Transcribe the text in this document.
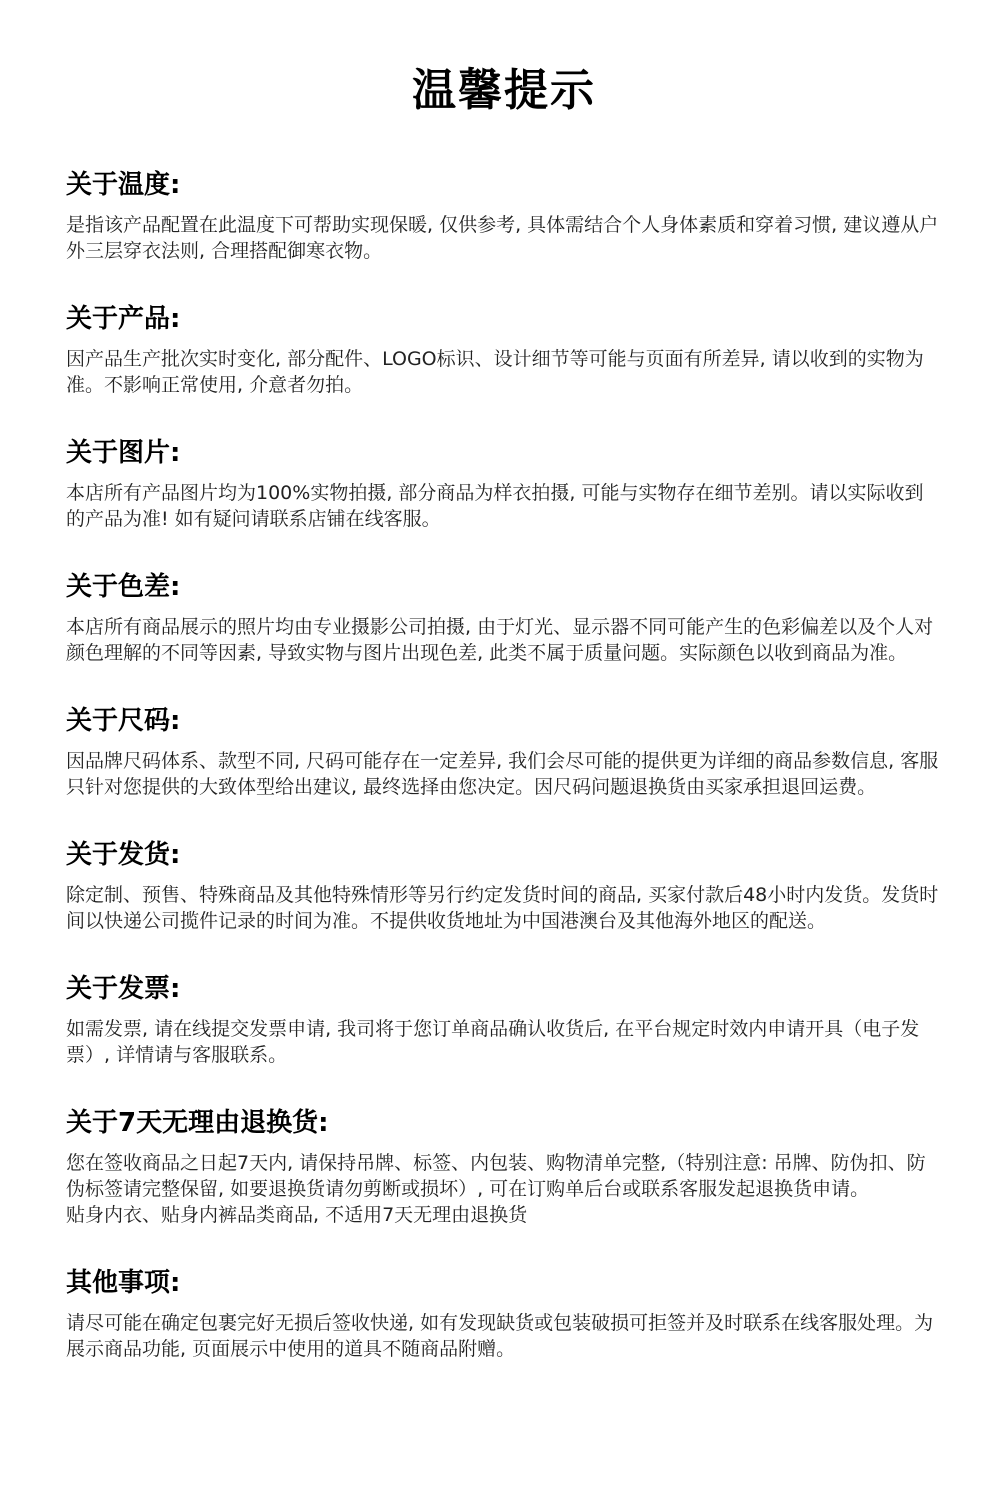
温馨提示
关于温度:

是指该产品配置在此温度下可帮助实现保暖, 仅供参考, 具体需结合个人身体素质和穿着习惯, 建议遵从户外三层穿衣法则, 合理搭配御寒衣物。

关于产品:

因产品生产批次实时变化, 部分配件、LOGO标识、设计细节等可能与页面有所差异, 请以收到的实物为准。不影响正常使用, 介意者勿拍。

关于图片:

本店所有产品图片均为100%实物拍摄, 部分商品为样衣拍摄, 可能与实物存在细节差别。请以实际收到的产品为准! 如有疑问请联系店铺在线客服。

关于色差:

本店所有商品展示的照片均由专业摄影公司拍摄, 由于灯光、显示器不同可能产生的色彩偏差以及个人对颜色理解的不同等因素, 导致实物与图片出现色差, 此类不属于质量问题。实际颜色以收到商品为准。

关于尺码:

因品牌尺码体系、款型不同, 尺码可能存在一定差异, 我们会尽可能的提供更为详细的商品参数信息, 客服只针对您提供的大致体型给出建议, 最终选择由您决定。因尺码问题退换货由买家承担退回运费。

关于发货:

除定制、预售、特殊商品及其他特殊情形等另行约定发货时间的商品, 买家付款后48小时内发货。发货时间以快递公司揽件记录的时间为准。不提供收货地址为中国港澳台及其他海外地区的配送。

关于发票:

如需发票, 请在线提交发票申请, 我司将于您订单商品确认收货后, 在平台规定时效内申请开具（电子发票）, 详情请与客服联系。

关于7天无理由退换货:

您在签收商品之日起7天内, 请保持吊牌、标签、内包装、购物清单完整,（特别注意: 吊牌、防伪扣、防伪标签请完整保留, 如要退换货请勿剪断或损坏）, 可在订购单后台或联系客服发起退换货申请。

贴身内衣、贴身内裤品类商品, 不适用7天无理由退换货

其他事项:

请尽可能在确定包裹完好无损后签收快递, 如有发现缺货或包装破损可拒签并及时联系在线客服处理。为展示商品功能, 页面展示中使用的道具不随商品附赠。
